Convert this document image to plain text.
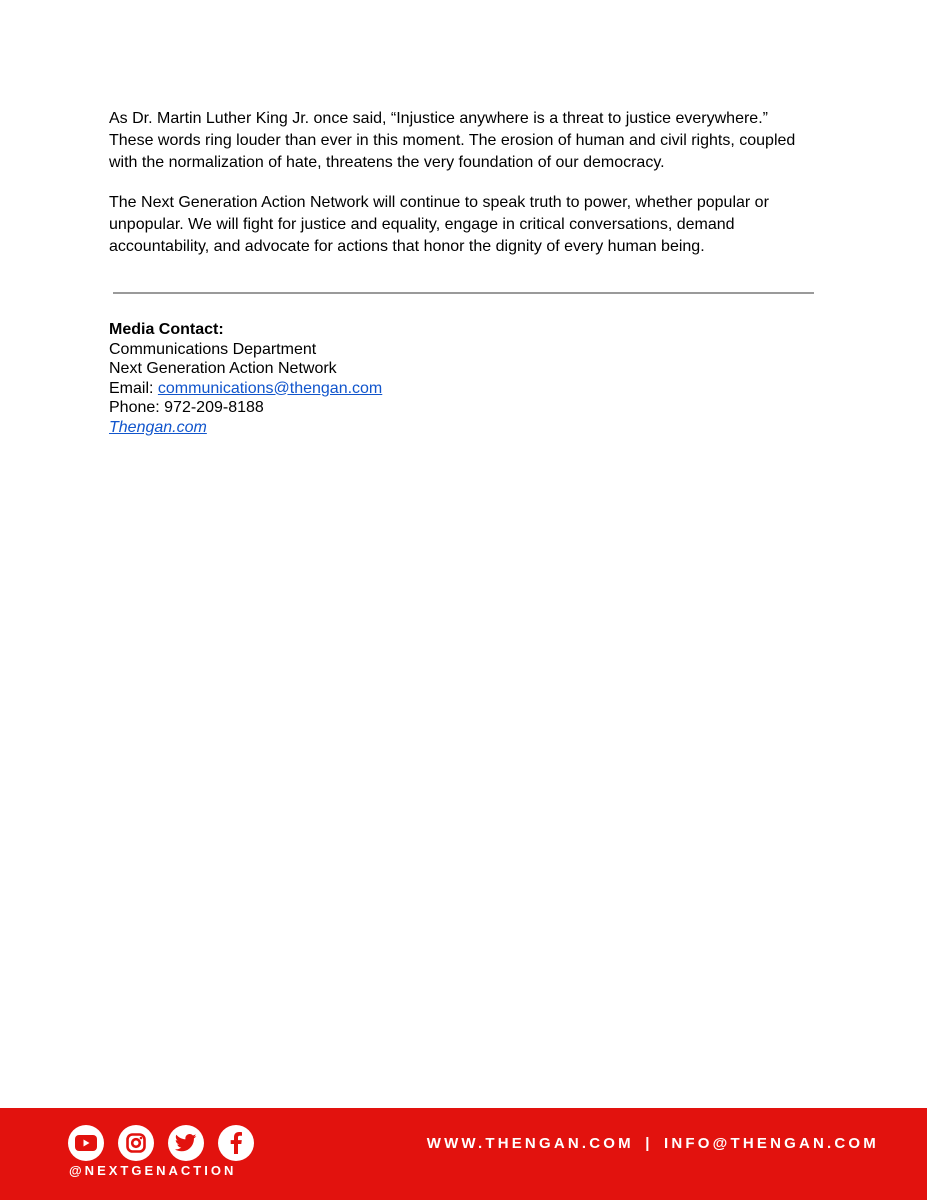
As Dr. Martin Luther King Jr. once said, “Injustice anywhere is a threat to justice everywhere.” These words ring louder than ever in this moment. The erosion of human and civil rights, coupled with the normalization of hate, threatens the very foundation of our democracy.

The Next Generation Action Network will continue to speak truth to power, whether popular or unpopular. We will fight for justice and equality, engage in critical conversations, demand accountability, and advocate for actions that honor the dignity of every human being.

Media Contact:
Communications Department
Next Generation Action Network
Email: communications@thengan.com
Phone: 972-209-8188
Thengan.com
@NEXTGENACTION
WWW.THENGAN.COM | INFO@THENGAN.COM
